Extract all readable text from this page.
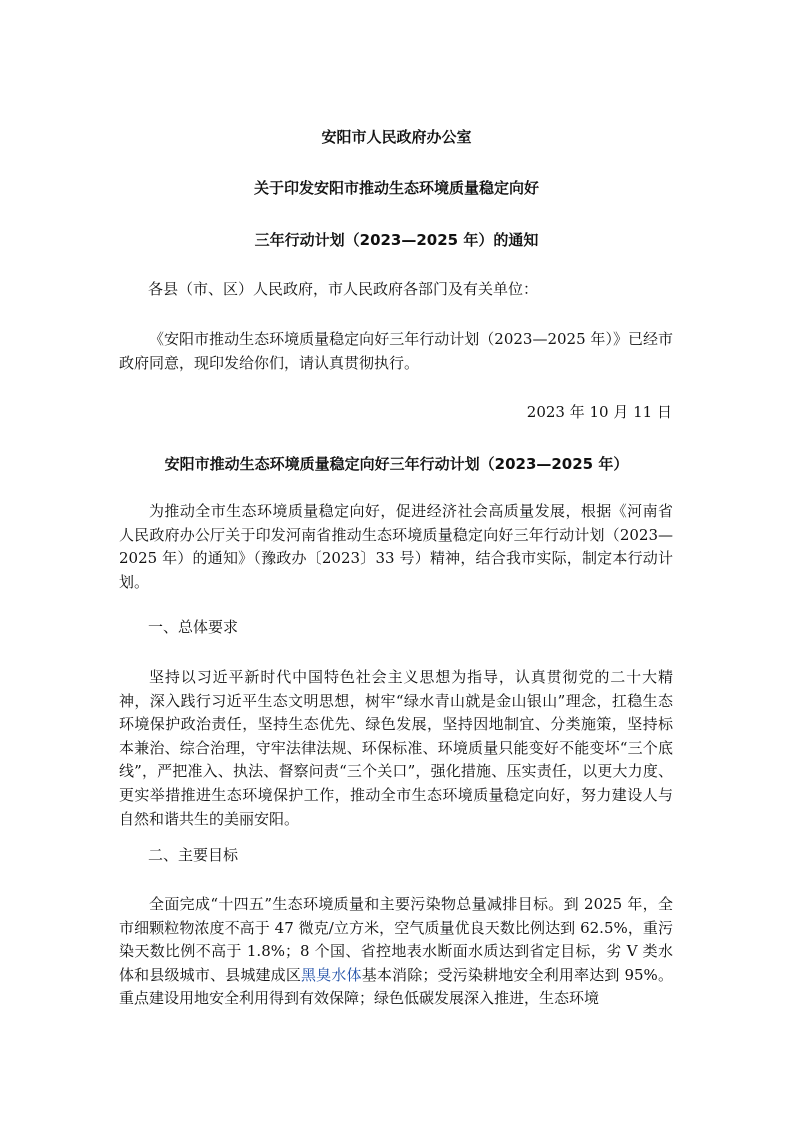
安阳市人民政府办公室
关于印发安阳市推动生态环境质量稳定向好
三年行动计划（2023—2025 年）的通知
各县（市、区）人民政府，市人民政府各部门及有关单位：
《安阳市推动生态环境质量稳定向好三年行动计划（2023—2025 年）》已经市政府同意，现印发给你们，请认真贯彻执行。
2023 年 10 月 11 日
安阳市推动生态环境质量稳定向好三年行动计划（2023—2025 年）
为推动全市生态环境质量稳定向好，促进经济社会高质量发展，根据《河南省人民政府办公厅关于印发河南省推动生态环境质量稳定向好三年行动计划（2023—2025 年）的通知》（豫政办〔2023〕33 号）精神，结合我市实际，制定本行动计划。
一、总体要求
坚持以习近平新时代中国特色社会主义思想为指导，认真贯彻党的二十大精神，深入践行习近平生态文明思想，树牢“绿水青山就是金山银山”理念，扛稳生态环境保护政治责任，坚持生态优先、绿色发展，坚持因地制宜、分类施策，坚持标本兼治、综合治理，守牢法律法规、环保标准、环境质量只能变好不能变坏“三个底线”，严把准入、执法、督察问责“三个关口”，强化措施、压实责任，以更大力度、更实举措推进生态环境保护工作，推动全市生态环境质量稳定向好，努力建设人与自然和谐共生的美丽安阳。
二、主要目标
全面完成“十四五”生态环境质量和主要污染物总量减排目标。到 2025 年，全市细颗粒物浓度不高于 47 微克/立方米，空气质量优良天数比例达到 62.5%，重污染天数比例不高于 1.8%；8 个国、省控地表水断面水质达到省定目标，劣 V 类水体和县级城市、县城建成区黑臭水体基本消除；受污染耕地安全利用率达到 95%。重点建设用地安全利用得到有效保障；绿色低碳发展深入推进，生态环境
